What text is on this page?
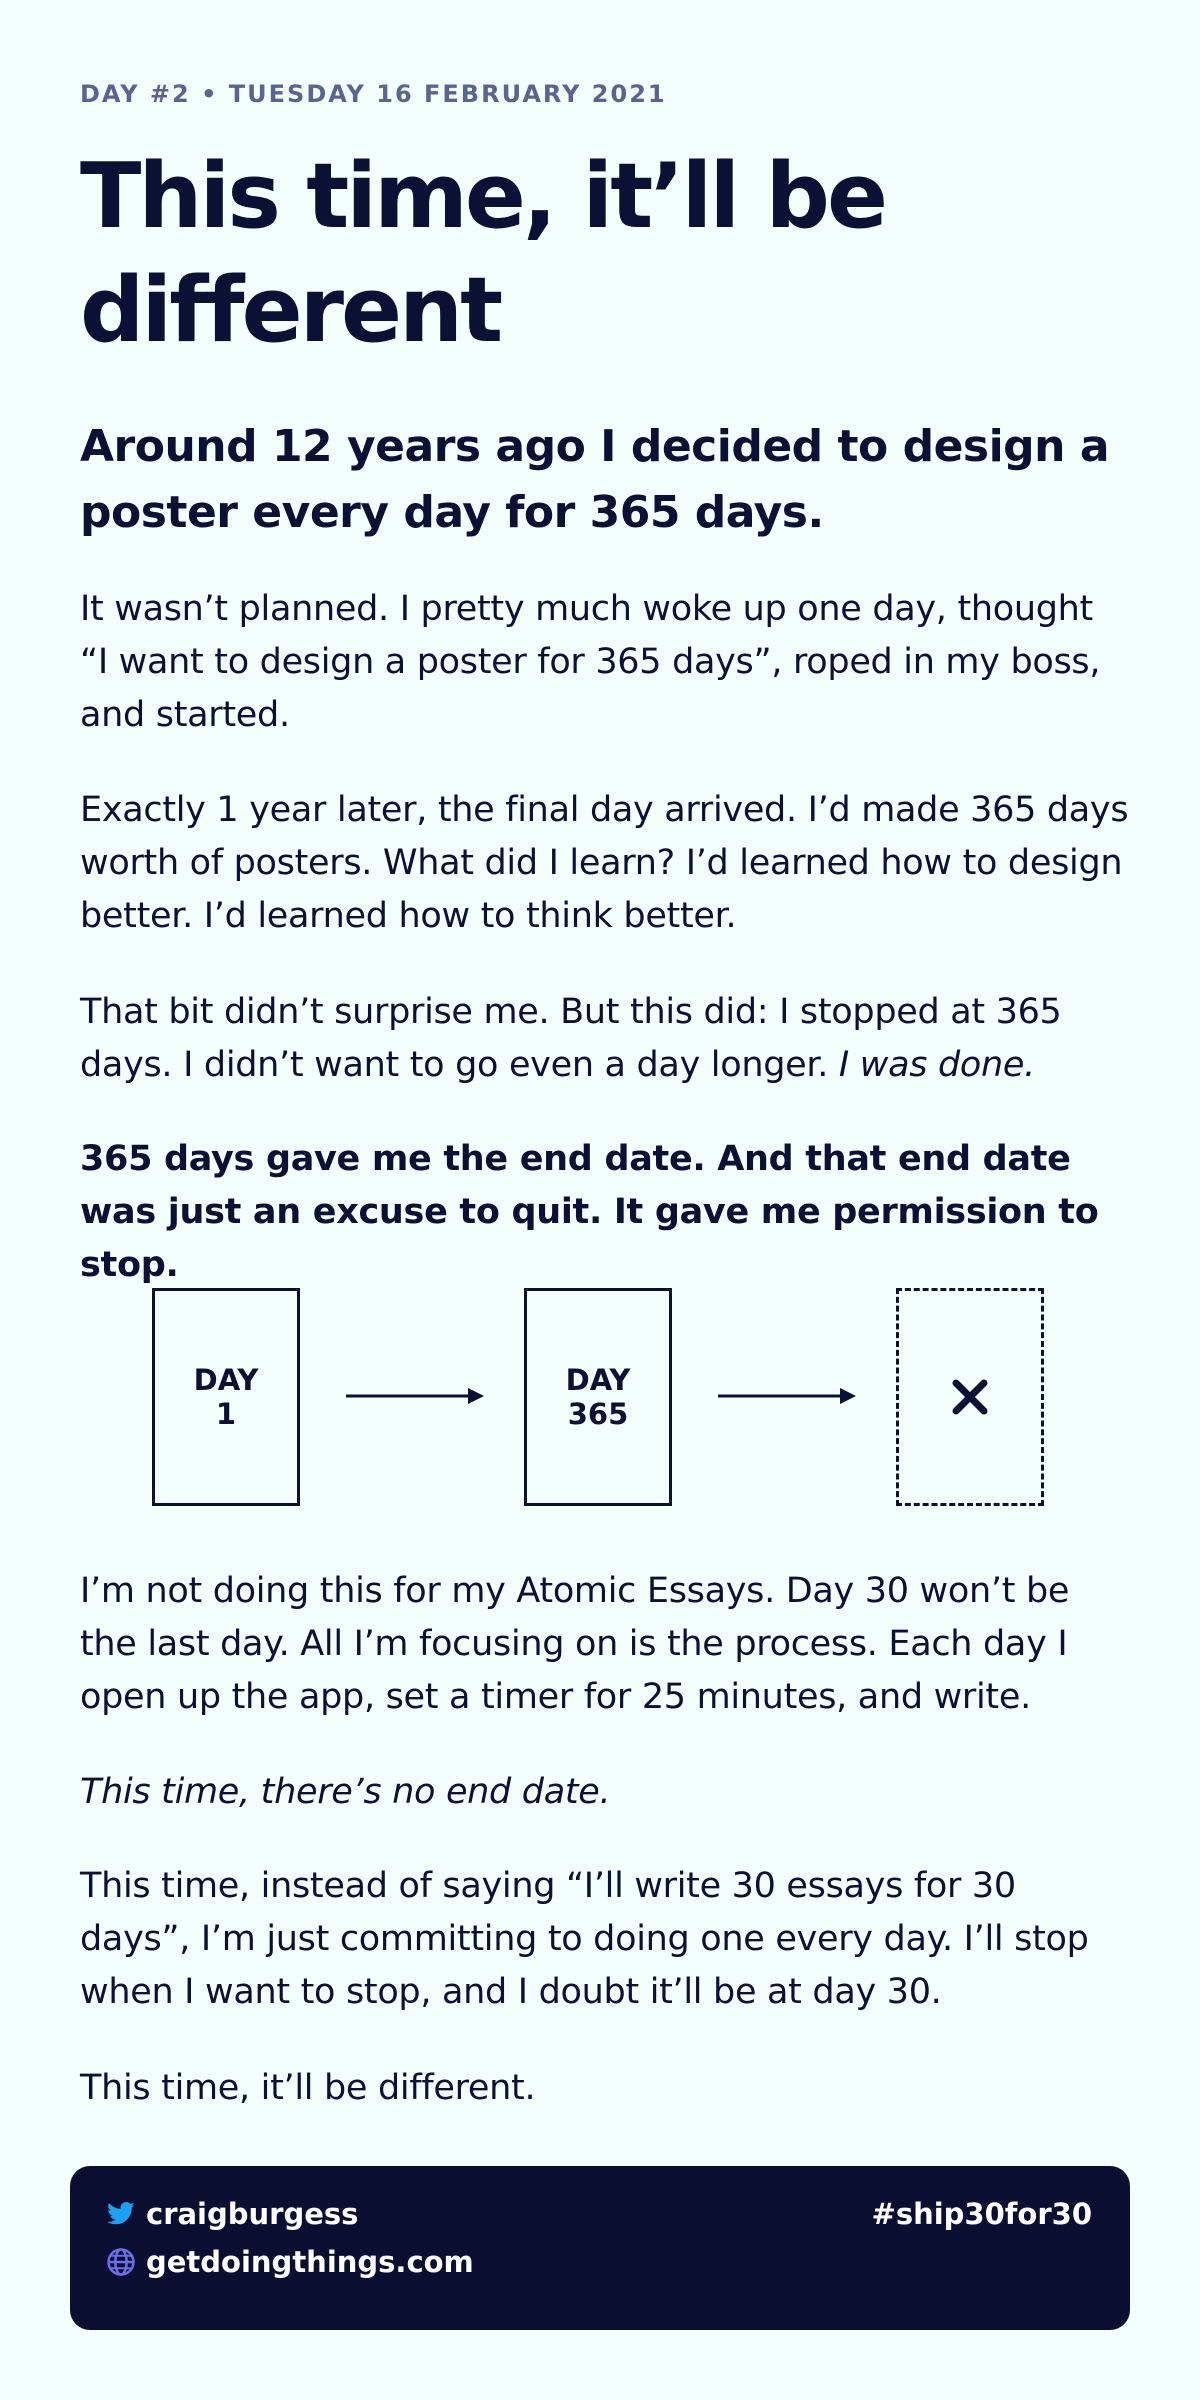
DAY #2 • TUESDAY 16 FEBRUARY 2021
This time, it’ll be different

Around 12 years ago I decided to design a poster every day for 365 days.

It wasn’t planned. I pretty much woke up one day, thought “I want to design a poster for 365 days”, roped in my boss, and started.

Exactly 1 year later, the final day arrived. I’d made 365 days worth of posters. What did I learn? I’d learned how to design better. I’d learned how to think better.

That bit didn’t surprise me. But this did: I stopped at 365 days. I didn’t want to go even a day longer. I was done.

365 days gave me the end date. And that end date was just an excuse to quit. It gave me permission to stop.

DAY
1
DAY
365

I’m not doing this for my Atomic Essays. Day 30 won’t be the last day. All I’m focusing on is the process. Each day I open up the app, set a timer for 25 minutes, and write.

This time, there’s no end date.

This time, instead of saying “I’ll write 30 essays for 30 days”, I’m just committing to doing one every day. I’ll stop when I want to stop, and I doubt it’ll be at day 30.

This time, it’ll be different.

craigburgess
getdoingthings.com
#ship30for30
